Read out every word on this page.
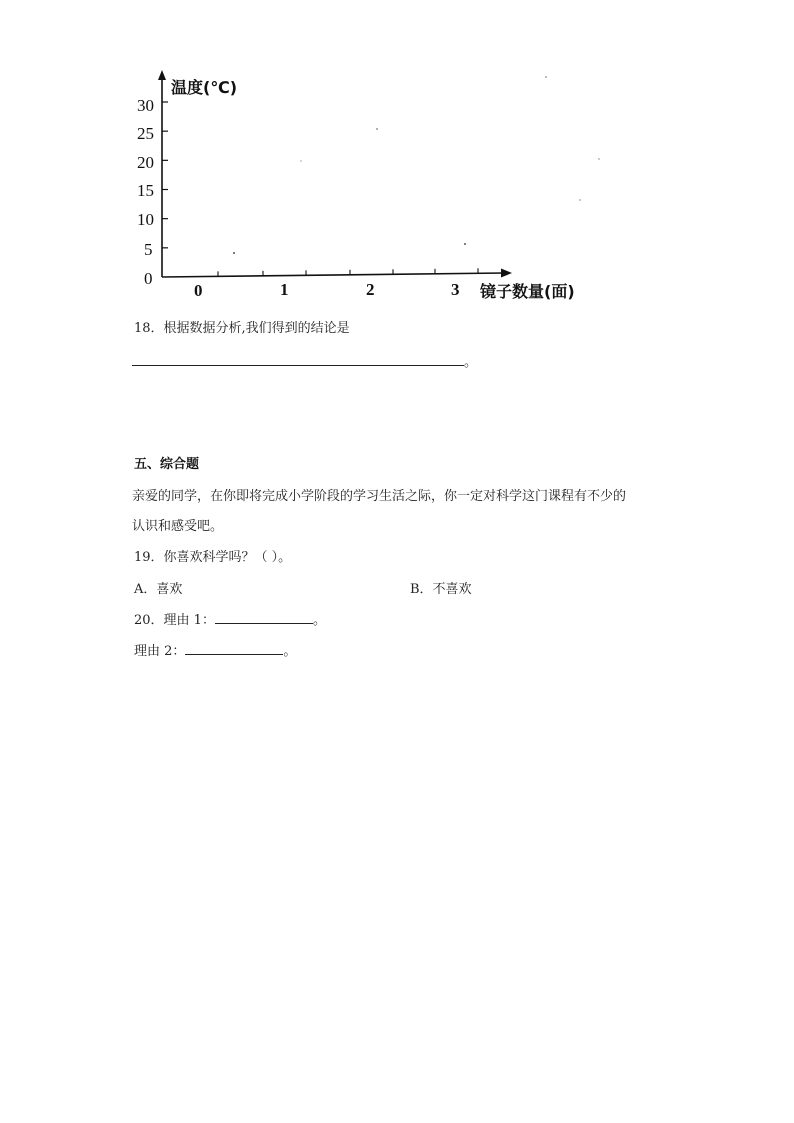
温度(℃)
镜子数量(面)
30
25
20
15
10
5
0
0	1	2	3
18．根据数据分析,我们得到的结论是
。
五、综合题
亲爱的同学，在你即将完成小学阶段的学习生活之际，你一定对科学这门课程有不少的
认识和感受吧。
19．你喜欢科学吗？（ ）。
A．喜欢	B．不喜欢
20．理由 1：	。
理由 2：	。
